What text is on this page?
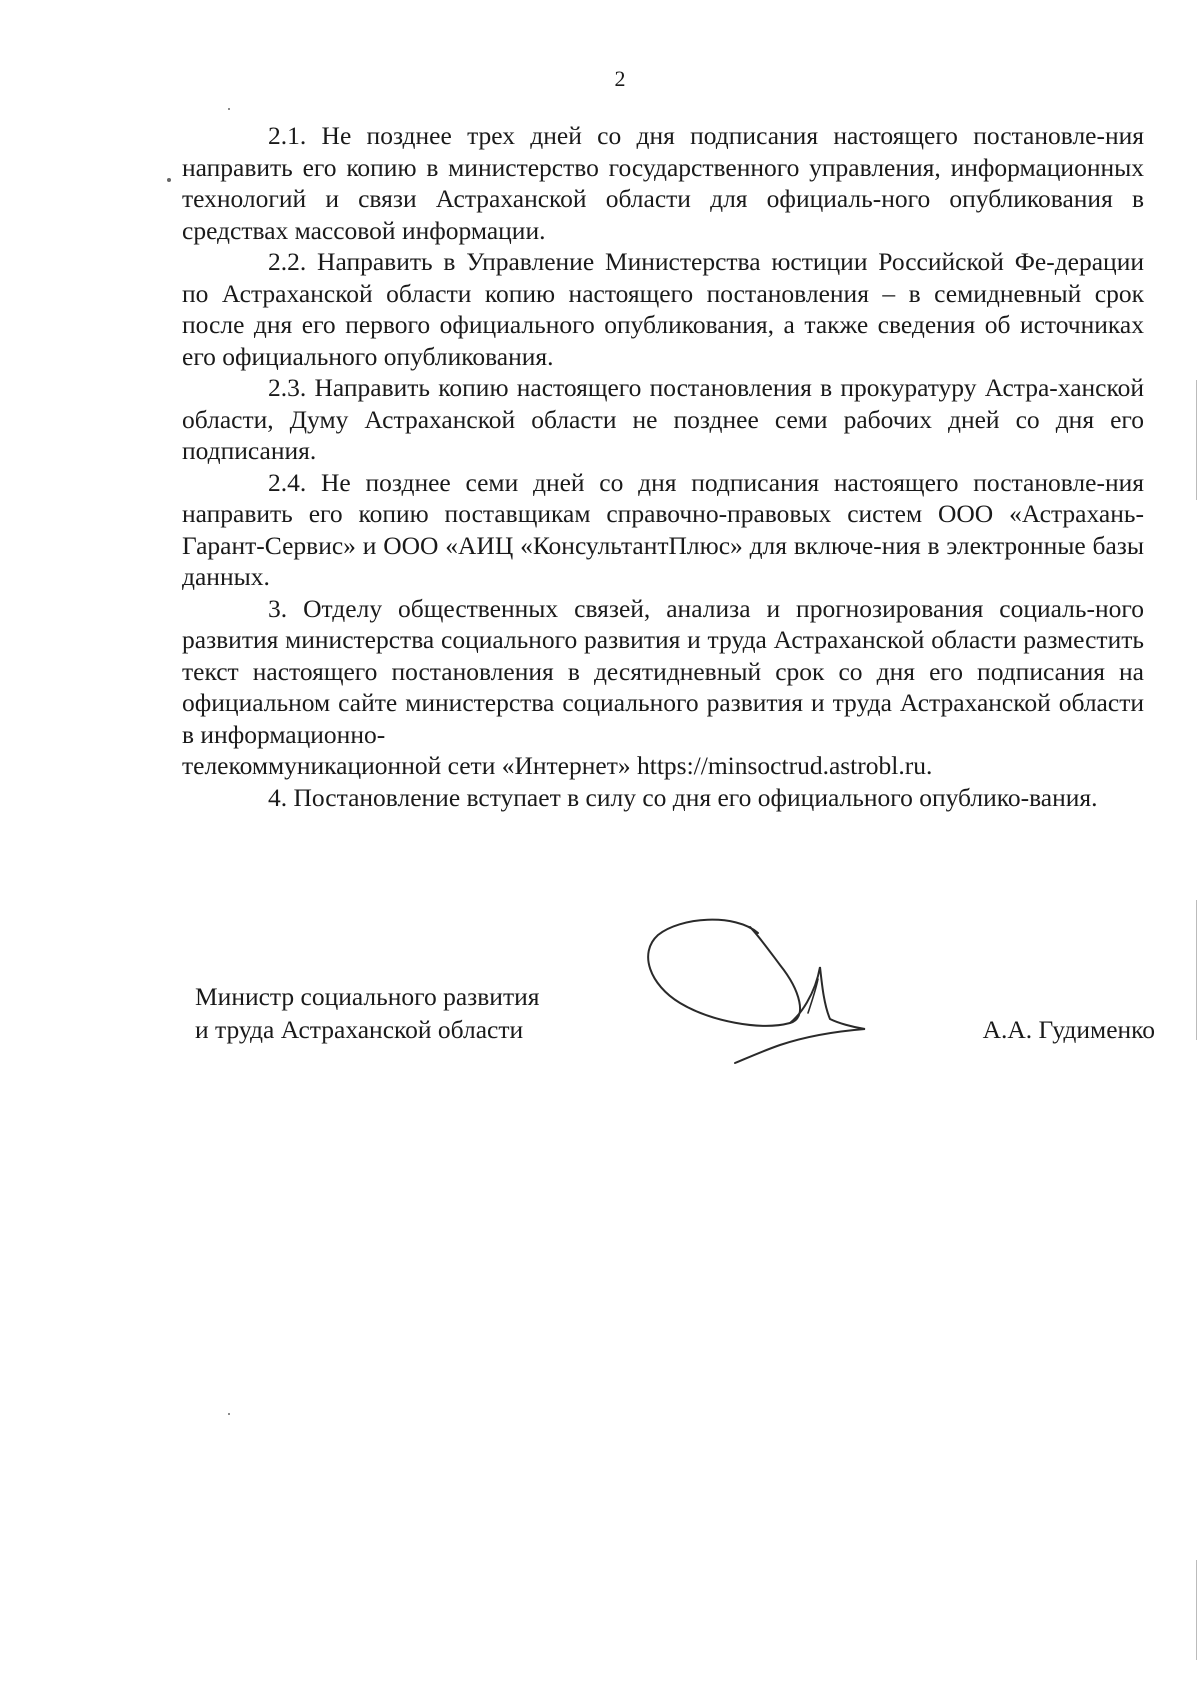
2

2.1. Не позднее трех дней со дня подписания настоящего постановле-ния направить его копию в министерство государственного управления, информационных технологий и связи Астраханской области для официаль-ного опубликования в средствах массовой информации.

2.2. Направить в Управление Министерства юстиции Российской Фе-дерации по Астраханской области копию настоящего постановления – в семидневный срок после дня его первого официального опубликования, а также сведения об источниках его официального опубликования.

2.3. Направить копию настоящего постановления в прокуратуру Астра-ханской области, Думу Астраханской области не позднее семи рабочих дней со дня его подписания.

2.4. Не позднее семи дней со дня подписания настоящего постановле-ния направить его копию поставщикам справочно-правовых систем ООО «Астрахань-Гарант-Сервис» и ООО «АИЦ «КонсультантПлюс» для включе-ния в электронные базы данных.

3. Отделу общественных связей, анализа и прогнозирования социаль-ного развития министерства социального развития и труда Астраханской области разместить текст настоящего постановления в десятидневный срок со дня его подписания на официальном сайте министерства социального развития и труда Астраханской области в информационно-
телекоммуникационной сети «Интернет» https://minsoctrud.astrobl.ru.

4. Постановление вступает в силу со дня его официального опублико-вания.

Министр социального развития
и труда Астраханской области	А.А. Гудименко
